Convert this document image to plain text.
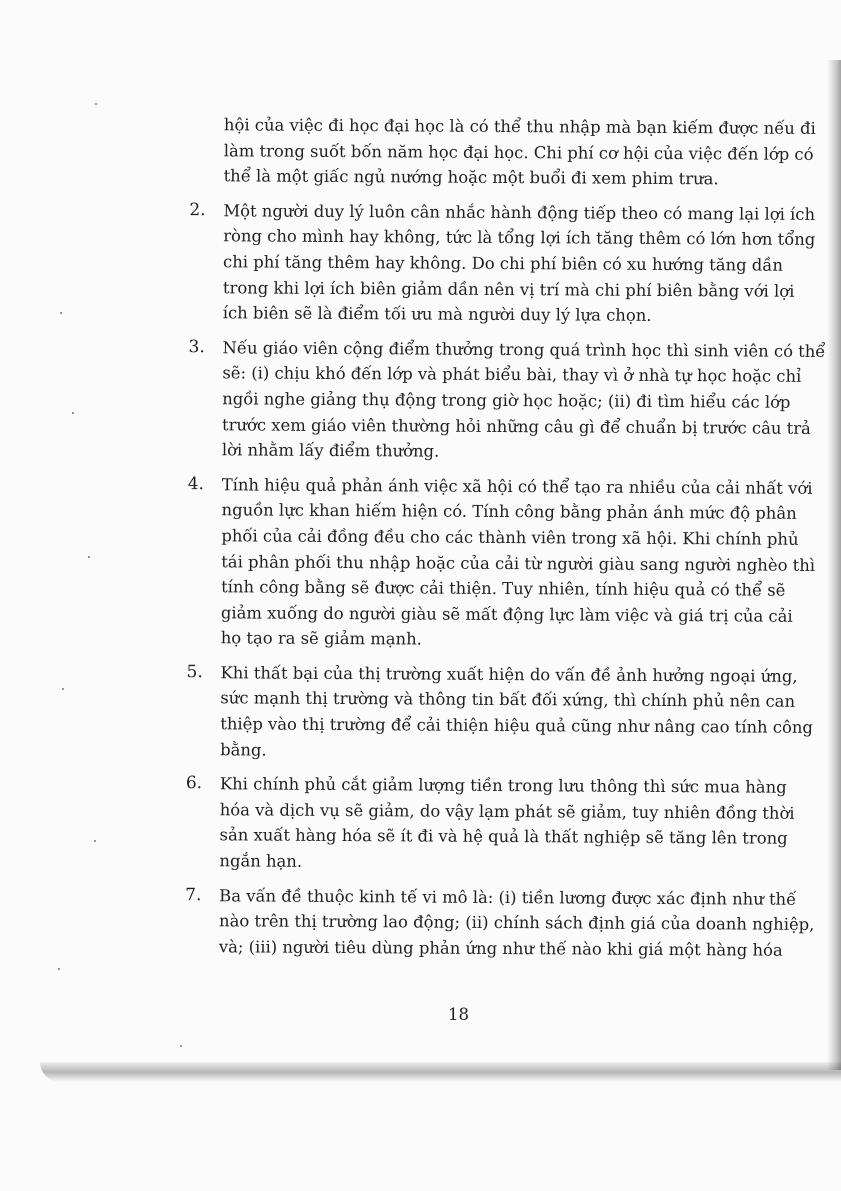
hội của việc đi học đại học là có thể thu nhập mà bạn kiếm được nếu đi
làm trong suốt bốn năm học đại học. Chi phí cơ hội của việc đến lớp có
thể là một giấc ngủ nướng hoặc một buổi đi xem phim trưa.
2. Một người duy lý luôn cân nhắc hành động tiếp theo có mang lại lợi ích
ròng cho mình hay không, tức là tổng lợi ích tăng thêm có lớn hơn tổng
chi phí tăng thêm hay không. Do chi phí biên có xu hướng tăng dần
trong khi lợi ích biên giảm dần nên vị trí mà chi phí biên bằng với lợi
ích biên sẽ là điểm tối ưu mà người duy lý lựa chọn.
3. Nếu giáo viên cộng điểm thưởng trong quá trình học thì sinh viên có thể
sẽ: (i) chịu khó đến lớp và phát biểu bài, thay vì ở nhà tự học hoặc chỉ
ngồi nghe giảng thụ động trong giờ học hoặc; (ii) đi tìm hiểu các lớp
trước xem giáo viên thường hỏi những câu gì để chuẩn bị trước câu trả
lời nhằm lấy điểm thưởng.
4. Tính hiệu quả phản ánh việc xã hội có thể tạo ra nhiều của cải nhất với
nguồn lực khan hiếm hiện có. Tính công bằng phản ánh mức độ phân
phối của cải đồng đều cho các thành viên trong xã hội. Khi chính phủ
tái phân phối thu nhập hoặc của cải từ người giàu sang người nghèo thì
tính công bằng sẽ được cải thiện. Tuy nhiên, tính hiệu quả có thể sẽ
giảm xuống do người giàu sẽ mất động lực làm việc và giá trị của cải
họ tạo ra sẽ giảm mạnh.
5. Khi thất bại của thị trường xuất hiện do vấn đề ảnh hưởng ngoại ứng,
sức mạnh thị trường và thông tin bất đối xứng, thì chính phủ nên can
thiệp vào thị trường để cải thiện hiệu quả cũng như nâng cao tính công
bằng.
6. Khi chính phủ cắt giảm lượng tiền trong lưu thông thì sức mua hàng
hóa và dịch vụ sẽ giảm, do vậy lạm phát sẽ giảm, tuy nhiên đồng thời
sản xuất hàng hóa sẽ ít đi và hệ quả là thất nghiệp sẽ tăng lên trong
ngắn hạn.
7. Ba vấn đề thuộc kinh tế vi mô là: (i) tiền lương được xác định như thế
nào trên thị trường lao động; (ii) chính sách định giá của doanh nghiệp,
và; (iii) người tiêu dùng phản ứng như thế nào khi giá một hàng hóa
18
